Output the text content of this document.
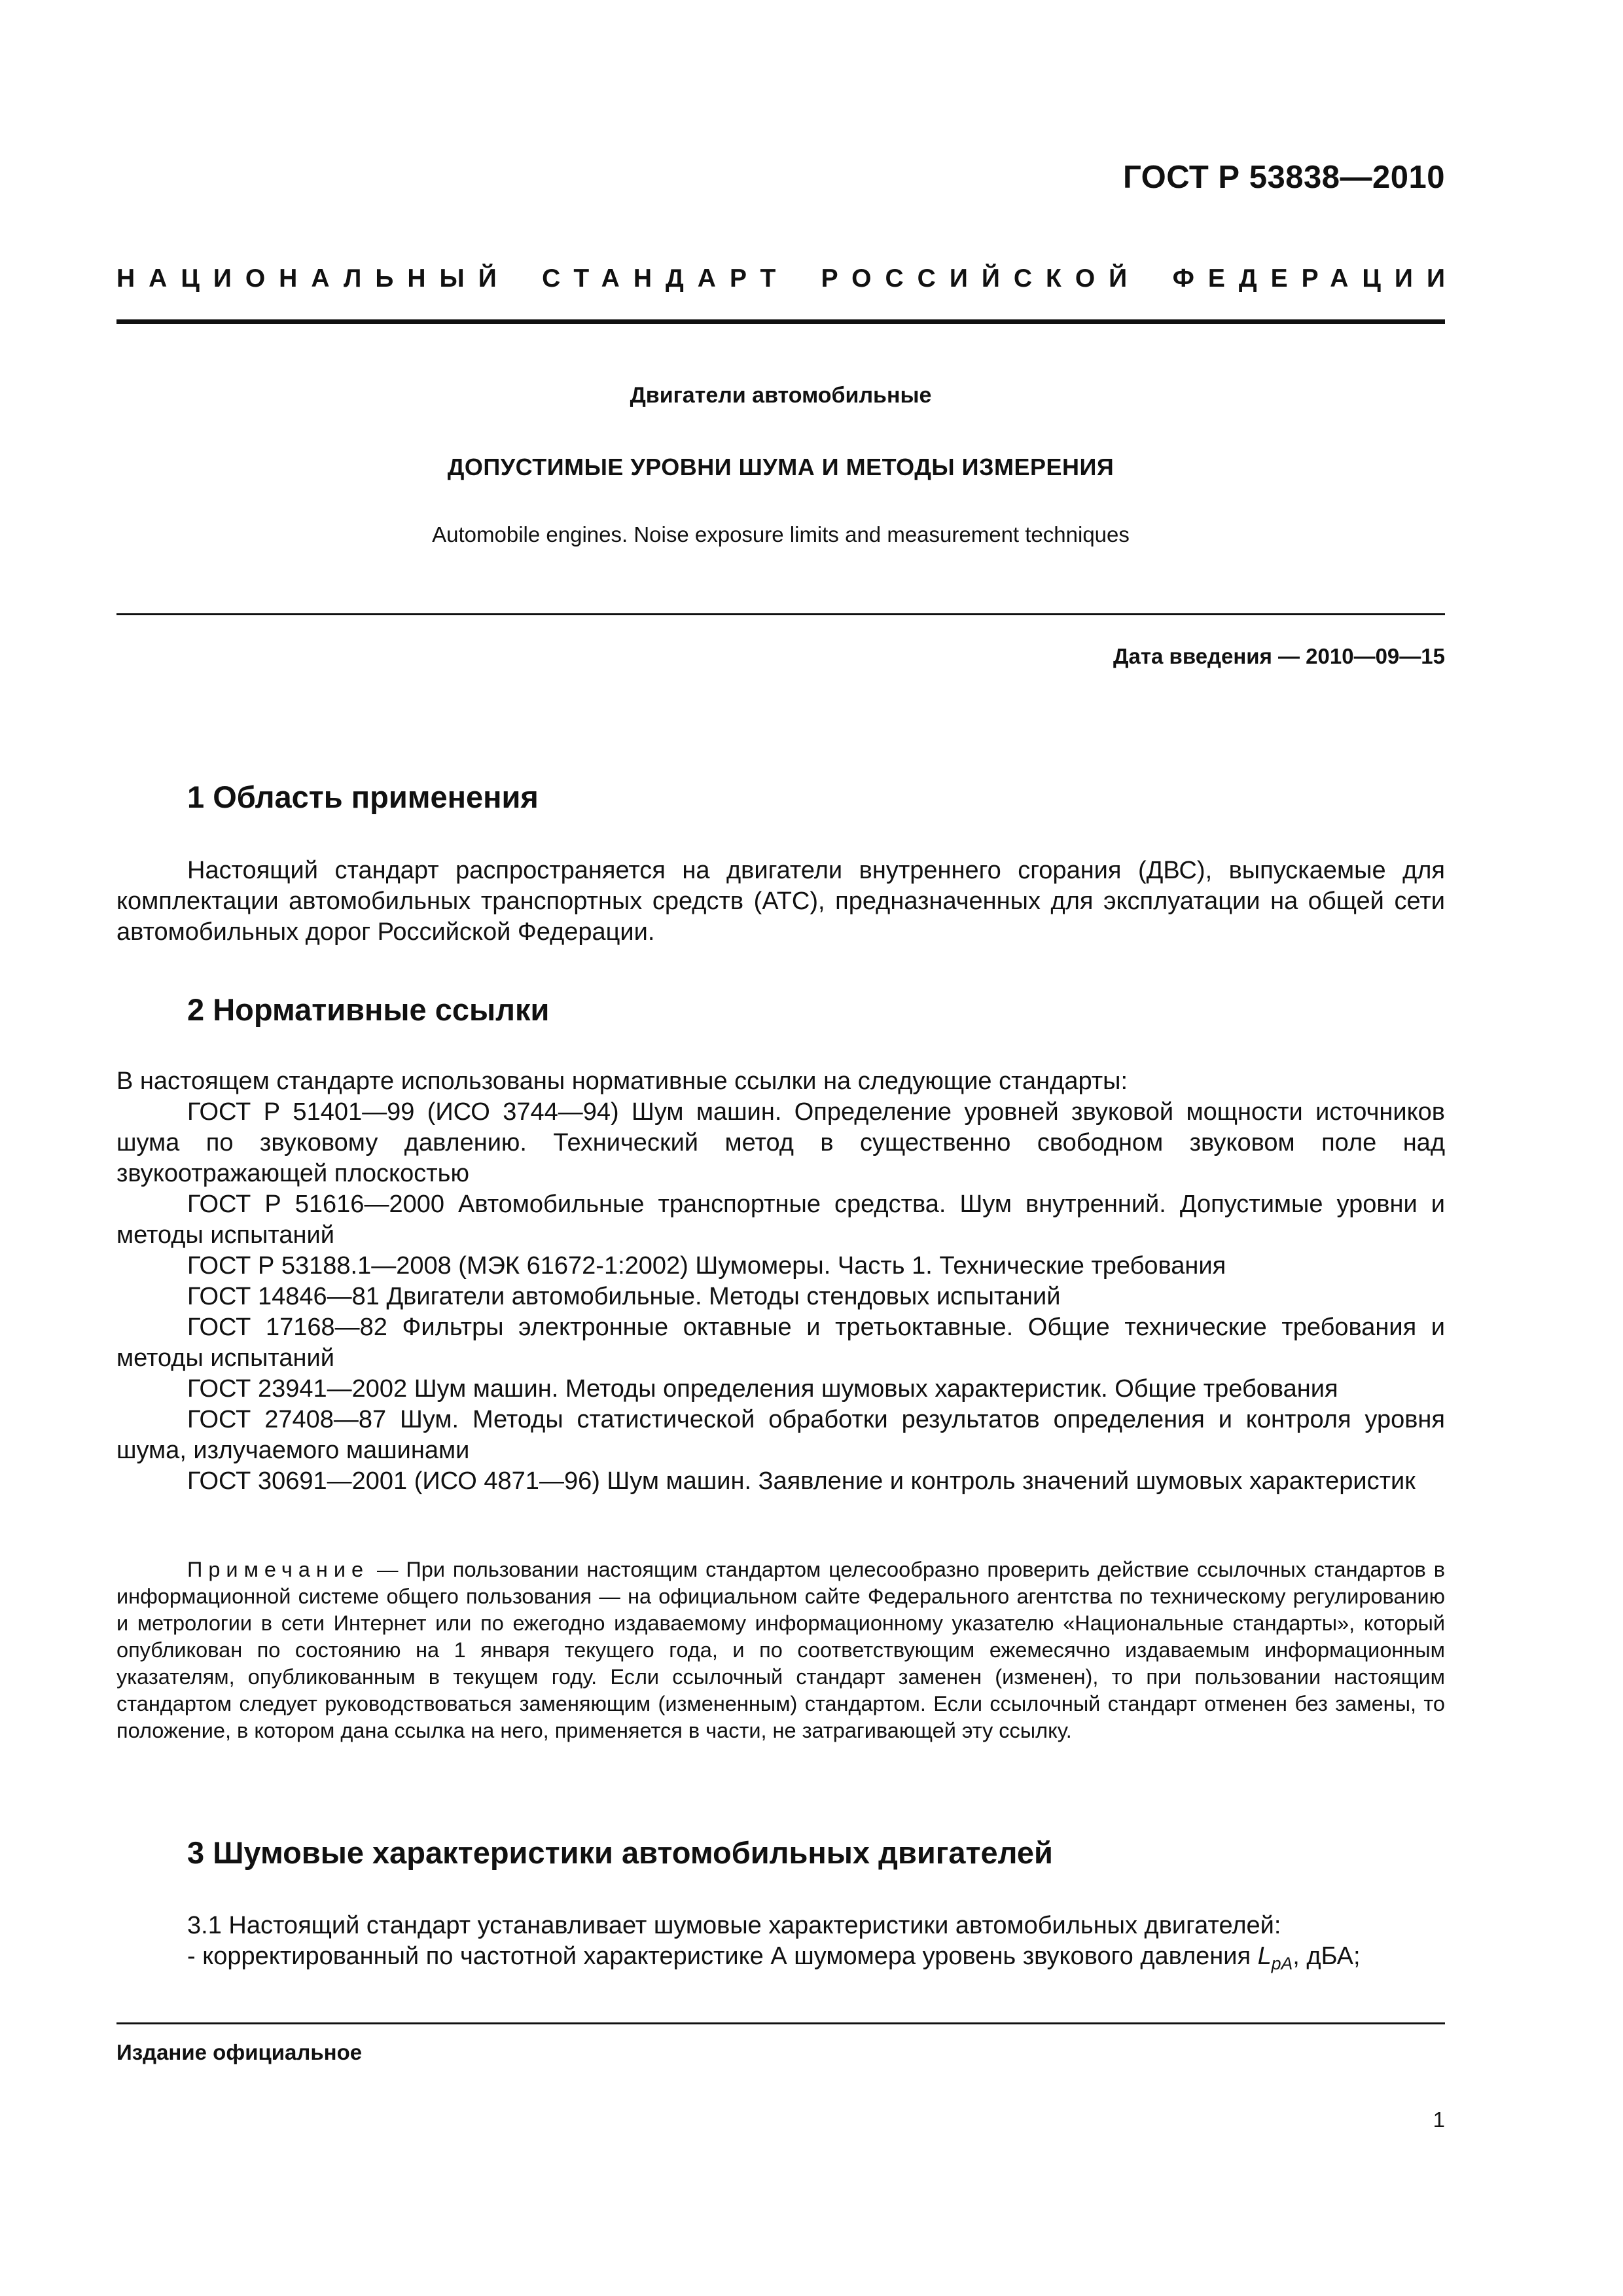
ГОСТ Р 53838—2010
НАЦИОНАЛЬНЫЙ СТАНДАРТ РОССИЙСКОЙ ФЕДЕРАЦИИ
Двигатели автомобильные
ДОПУСТИМЫЕ УРОВНИ ШУМА И МЕТОДЫ ИЗМЕРЕНИЯ
Automobile engines. Noise exposure limits and measurement techniques
Дата введения — 2010—09—15
1 Область применения

Настоящий стандарт распространяется на двигатели внутреннего сгорания (ДВС), выпускаемые для комплектации автомобильных транспортных средств (АТС), предназначенных для эксплуатации на общей сети автомобильных дорог Российской Федерации.

2 Нормативные ссылки

В настоящем стандарте использованы нормативные ссылки на следующие стандарты:

ГОСТ Р 51401—99 (ИСО 3744—94) Шум машин. Определение уровней звуковой мощности источников шума по звуковому давлению. Технический метод в существенно свободном звуковом поле над звукоотражающей плоскостью

ГОСТ Р 51616—2000 Автомобильные транспортные средства. Шум внутренний. Допустимые уровни и методы испытаний

ГОСТ Р 53188.1—2008 (МЭК 61672-1:2002) Шумомеры. Часть 1. Технические требования

ГОСТ 14846—81 Двигатели автомобильные. Методы стендовых испытаний

ГОСТ 17168—82 Фильтры электронные октавные и третьоктавные. Общие технические требования и методы испытаний

ГОСТ 23941—2002 Шум машин. Методы определения шумовых характеристик. Общие требования

ГОСТ 27408—87 Шум. Методы статистической обработки результатов определения и контроля уровня шума, излучаемого машинами

ГОСТ 30691—2001 (ИСО 4871—96) Шум машин. Заявление и контроль значений шумовых характеристик

Примечание — При пользовании настоящим стандартом целесообразно проверить действие ссылочных стандартов в информационной системе общего пользования — на официальном сайте Федерального агентства по техническому регулированию и метрологии в сети Интернет или по ежегодно издаваемому информационному указателю «Национальные стандарты», который опубликован по состоянию на 1 января текущего года, и по соответствующим ежемесячно издаваемым информационным указателям, опубликованным в текущем году. Если ссылочный стандарт заменен (изменен), то при пользовании настоящим стандартом следует руководствоваться заменяющим (измененным) стандартом. Если ссылочный стандарт отменен без замены, то положение, в котором дана ссылка на него, применяется в части, не затрагивающей эту ссылку.
3 Шумовые характеристики автомобильных двигателей

3.1 Настоящий стандарт устанавливает шумовые характеристики автомобильных двигателей:

- корректированный по частотной характеристике А шумомера уровень звукового давления $L_{pA}$, дБА;

Издание официальное
1
